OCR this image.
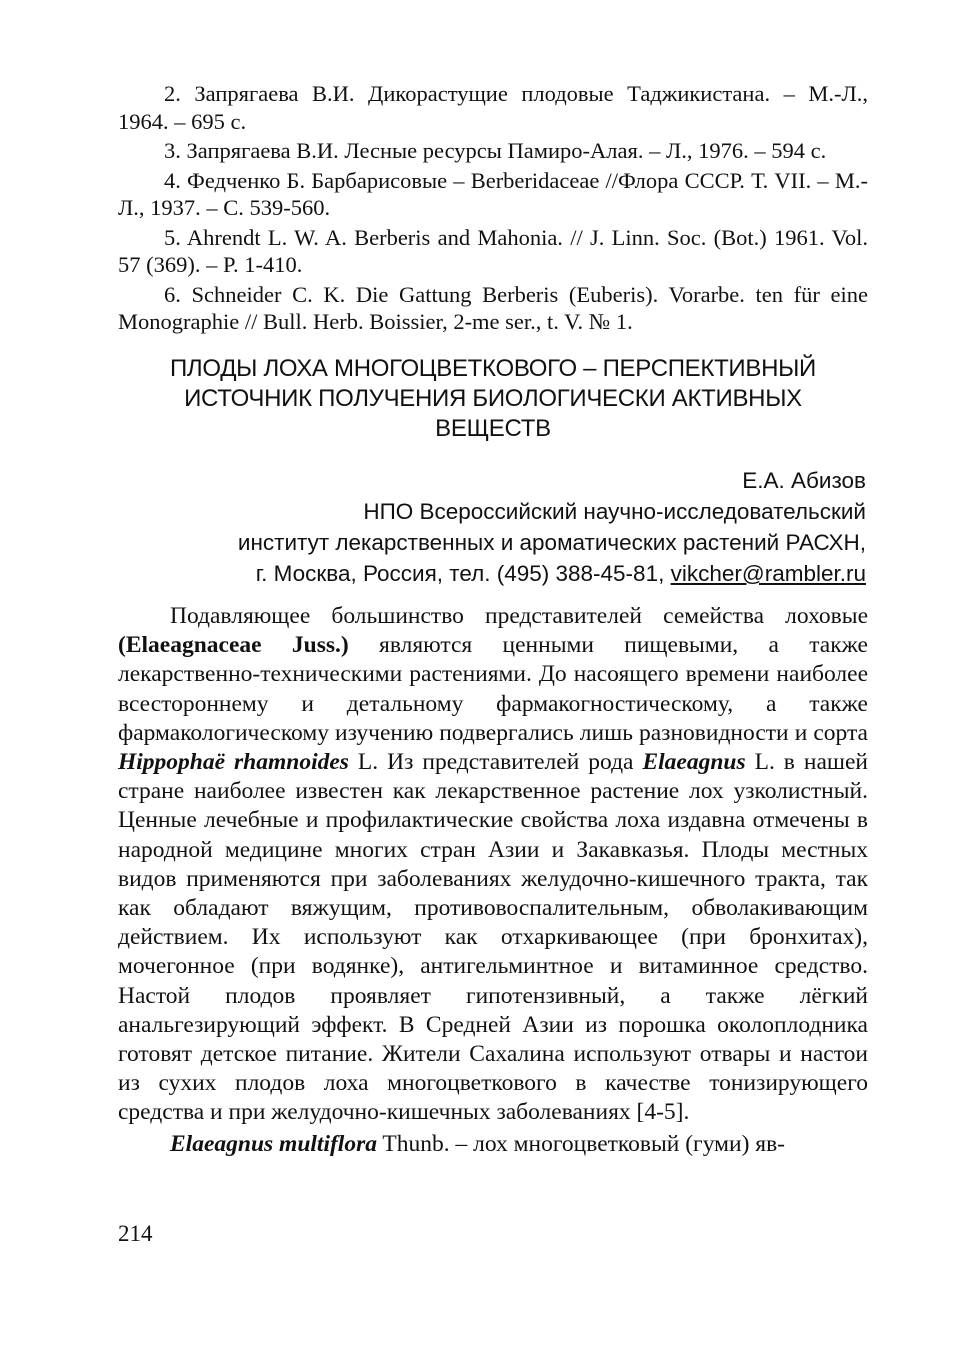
2. Запрягаева В.И. Дикорастущие плодовые Таджикистана. – М.-Л., 1964. – 695 с.

3. Запрягаева В.И. Лесные ресурсы Памиро-Алая. – Л., 1976. – 594 с.

4. Федченко Б. Барбарисовые – Berberidaceae //Флора СССР. Т. VII. – М.-Л., 1937. – С. 539-560.

5. Ahrendt L. W. A. Berberis and Mahonia. // J. Linn. Soc. (Bot.) 1961. Vol. 57 (369). – P. 1-410.

6. Schneider C. K. Die Gattung Berberis (Euberis). Vorarbe. ten für eine Monographie // Bull. Herb. Boissier, 2-me ser., t. V. № 1.

ПЛОДЫ ЛОХА МНОГОЦВЕТКОВОГО – ПЕРСПЕКТИВНЫЙ
ИСТОЧНИК ПОЛУЧЕНИЯ БИОЛОГИЧЕСКИ АКТИВНЫХ
ВЕЩЕСТВ
Е.А. Абизов
НПО Всероссийский научно-исследовательский
институт лекарственных и ароматических растений РАСХН,
г. Москва, Россия, тел. (495) 388-45-81, vikcher@rambler.ru

Подавляющее большинство представителей семейства лоховые (Elaeagnaceae Juss.) являются ценными пищевыми, а также лекарственно-техническими растениями. До насоящего времени наиболее всестороннему и детальному фармакогностическому, а также фармакологическому изучению подвергались лишь разновидности и сорта Hippophaё rhamnoides L. Из представителей рода Elaeagnus L. в нашей стране наиболее известен как лекарственное растение лох узколистный. Ценные лечебные и профилактические свойства лоха издавна отмечены в народной медицине многих стран Азии и Закавказья. Плоды местных видов применяются при заболеваниях желудочно-кишечного тракта, так как обладают вяжущим, противовоспалительным, обволакивающим действием. Их используют как отхаркивающее (при бронхитах), мочегонное (при водянке), антигельминтное и витаминное средство. Настой плодов проявляет гипотензивный, а также лёгкий анальгезирующий эффект. В Средней Азии из порошка околоплодника готовят детское питание. Жители Сахалина используют отвары и настои из сухих плодов лоха многоцветкового в качестве тонизирующего средства и при желудочно-кишечных заболеваниях [4-5].

Elaeagnus multiflora Thunb. – лох многоцветковый (гуми) яв-

214
